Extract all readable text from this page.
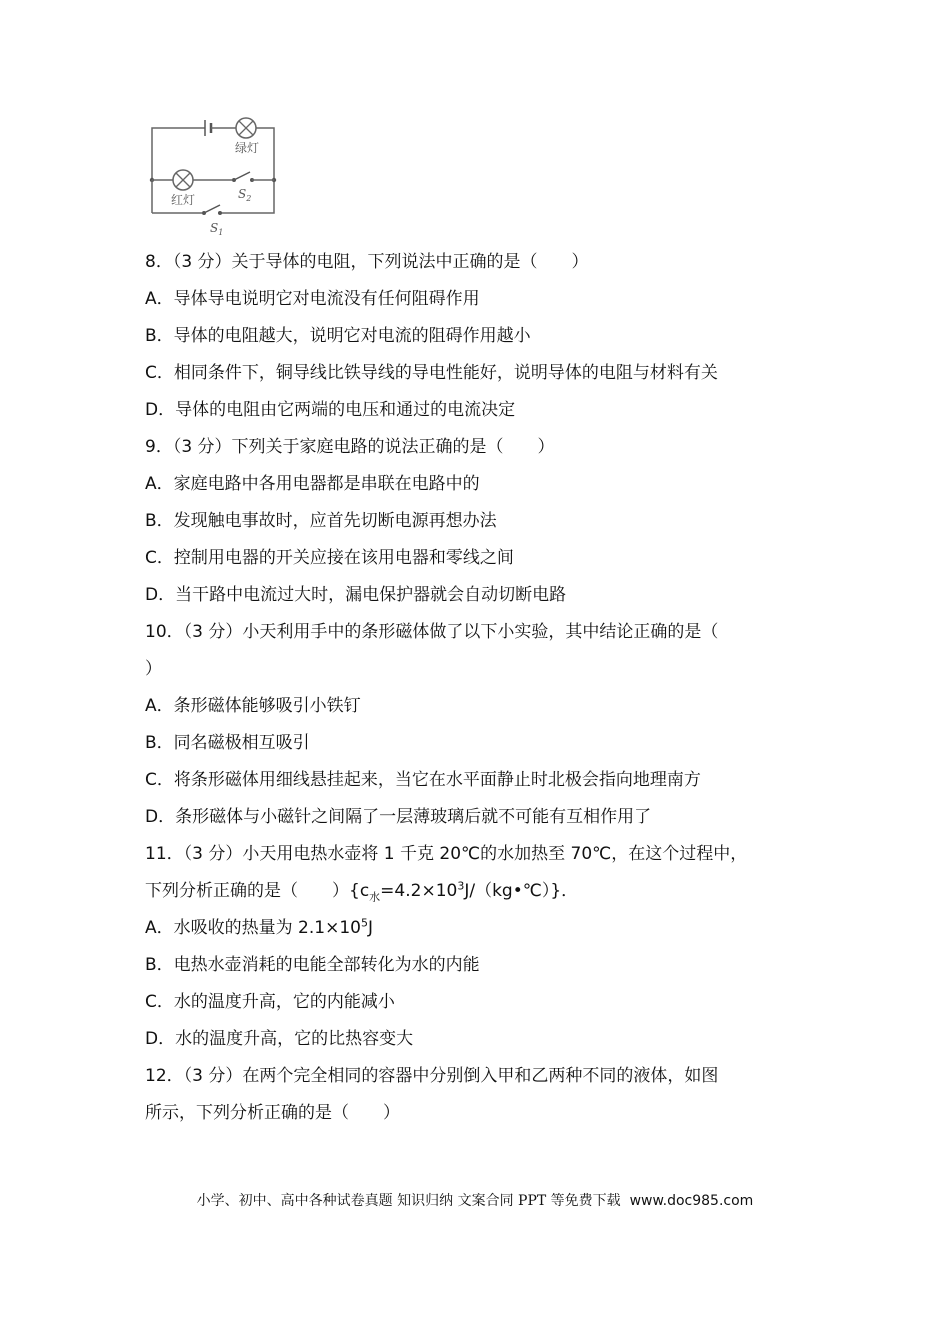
绿灯
红灯	$S_2$
$S_1$
8．（3 分）关于导体的电阻，下列说法中正确的是（　　）
A．导体导电说明它对电流没有任何阻碍作用
B．导体的电阻越大，说明它对电流的阻碍作用越小
C．相同条件下，铜导线比铁导线的导电性能好，说明导体的电阻与材料有关
D．导体的电阻由它两端的电压和通过的电流决定
9．（3 分）下列关于家庭电路的说法正确的是（　　）
A．家庭电路中各用电器都是串联在电路中的
B．发现触电事故时，应首先切断电源再想办法
C．控制用电器的开关应接在该用电器和零线之间
D．当干路中电流过大时，漏电保护器就会自动切断电路
10．（3 分）小天利用手中的条形磁体做了以下小实验，其中结论正确的是（
）
A．条形磁体能够吸引小铁钉
B．同名磁极相互吸引
C．将条形磁体用细线悬挂起来，当它在水平面静止时北极会指向地理南方
D．条形磁体与小磁针之间隔了一层薄玻璃后就不可能有互相作用了
11．（3 分）小天用电热水壶将 1 千克 20℃的水加热至 70℃，在这个过程中，
下列分析正确的是（　　）$\{c_水=4.2\times 10^3J/(kg•℃)\}$．
A．水吸收的热量为 $2.1\times 10^5J$
B．电热水壶消耗的电能全部转化为水的内能
C．水的温度升高，它的内能减小
D．水的温度升高，它的比热容变大
12．（3 分）在两个完全相同的容器中分别倒入甲和乙两种不同的液体，如图
所示，下列分析正确的是（　　）
小学、初中、高中各种试卷真题 知识归纳 文案合同 PPT 等免费下载 www.doc985.com
